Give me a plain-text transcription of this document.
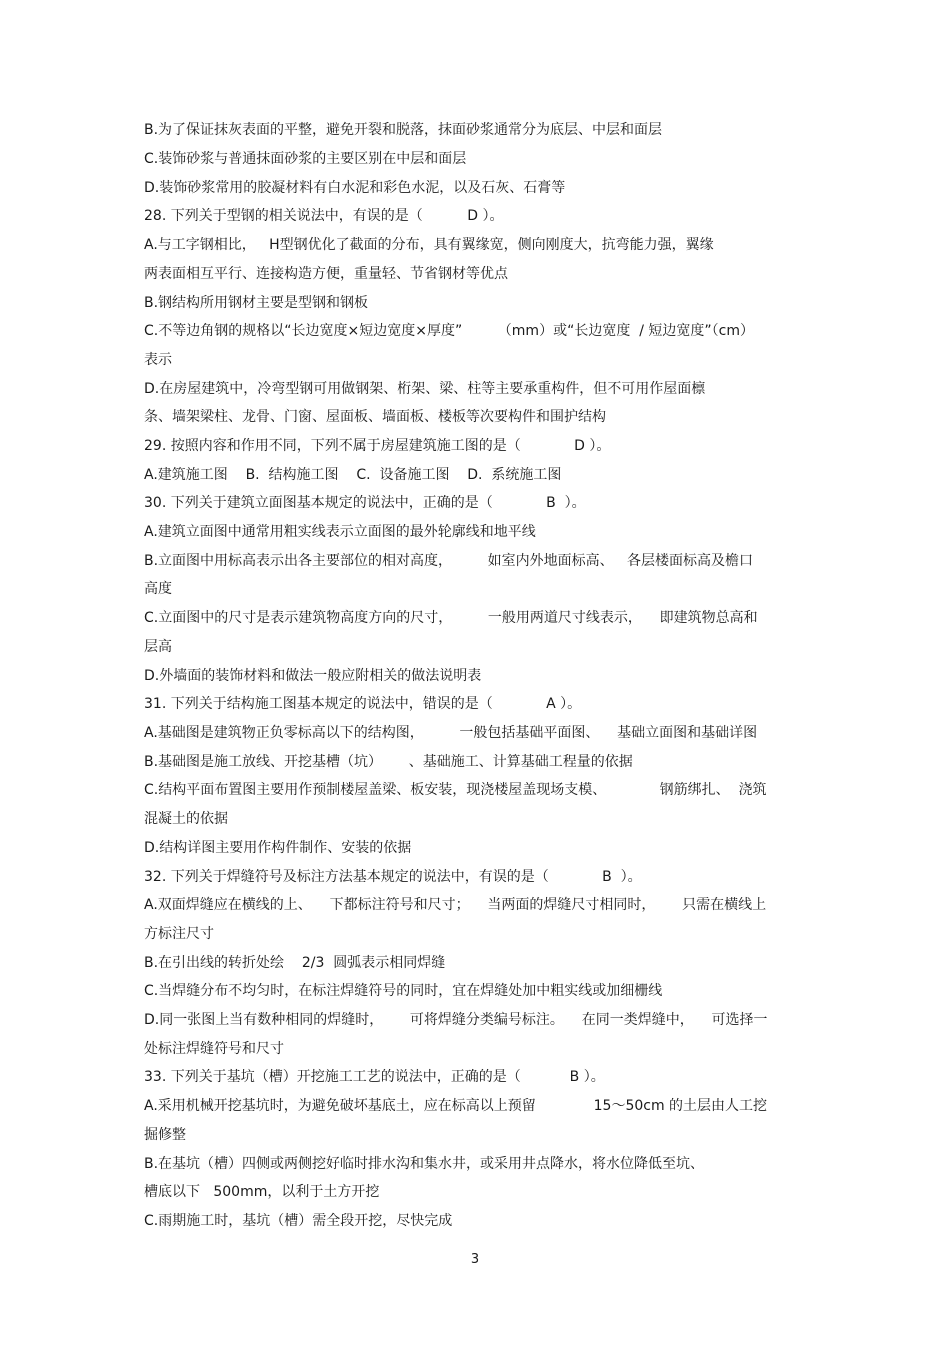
B.为了保证抹灰表面的平整，避免开裂和脱落，抹面砂浆通常分为底层、中层和面层
C.装饰砂浆与普通抹面砂浆的主要区别在中层和面层
D.装饰砂浆常用的胶凝材料有白水泥和彩色水泥，以及石灰、石膏等
28. 下列关于型钢的相关说法中，有误的是（          D ）。
A.与工字钢相比，   H型钢优化了截面的分布，具有翼缘宽，侧向刚度大，抗弯能力强，翼缘
两表面相互平行、连接构造方便，重量轻、节省钢材等优点
B.钢结构所用钢材主要是型钢和钢板
C.不等边角钢的规格以“长边宽度×短边宽度×厚度”        （mm）或“长边宽度  / 短边宽度”（cm）
表示
D.在房屋建筑中，冷弯型钢可用做钢架、桁架、梁、柱等主要承重构件，但不可用作屋面檩
条、墙架梁柱、龙骨、门窗、屋面板、墙面板、楼板等次要构件和围护结构
29. 按照内容和作用不同，下列不属于房屋建筑施工图的是（            D ）。
A.建筑施工图    B.  结构施工图    C.  设备施工图    D.  系统施工图
30. 下列关于建筑立面图基本规定的说法中，正确的是（            B  ）。
A.建筑立面图中通常用粗实线表示立面图的最外轮廓线和地平线
B.立面图中用标高表示出各主要部位的相对高度，        如室内外地面标高、   各层楼面标高及檐口
高度
C.立面图中的尺寸是表示建筑物高度方向的尺寸，        一般用两道尺寸线表示，    即建筑物总高和
层高
D.外墙面的装饰材料和做法一般应附相关的做法说明表
31. 下列关于结构施工图基本规定的说法中，错误的是（            A ）。
A.基础图是建筑物正负零标高以下的结构图，        一般包括基础平面图、    基础立面图和基础详图
B.基础图是施工放线、开挖基槽（坑）      、基础施工、计算基础工程量的依据
C.结构平面布置图主要用作预制楼屋盖梁、板安装，现浇楼屋盖现场支模、            钢筋绑扎、  浇筑
混凝土的依据
D.结构详图主要用作构件制作、安装的依据
32. 下列关于焊缝符号及标注方法基本规定的说法中，有误的是（            B  ）。
A.双面焊缝应在横线的上、    下都标注符号和尺寸；    当两面的焊缝尺寸相同时，      只需在横线上
方标注尺寸
B.在引出线的转折处绘    2/3  圆弧表示相同焊缝
C.当焊缝分布不均匀时，在标注焊缝符号的同时，宜在焊缝处加中粗实线或加细栅线
D.同一张图上当有数种相同的焊缝时，      可将焊缝分类编号标注。    在同一类焊缝中，    可选择一
处标注焊缝符号和尺寸
33. 下列关于基坑（槽）开挖施工工艺的说法中，正确的是（           B ）。
A.采用机械开挖基坑时，为避免破坏基底土，应在标高以上预留             15～50cm 的土层由人工挖
掘修整
B.在基坑（槽）四侧或两侧挖好临时排水沟和集水井，或采用井点降水，将水位降低至坑、
槽底以下   500mm，以利于土方开挖
C.雨期施工时，基坑（槽）需全段开挖，尽快完成
3
